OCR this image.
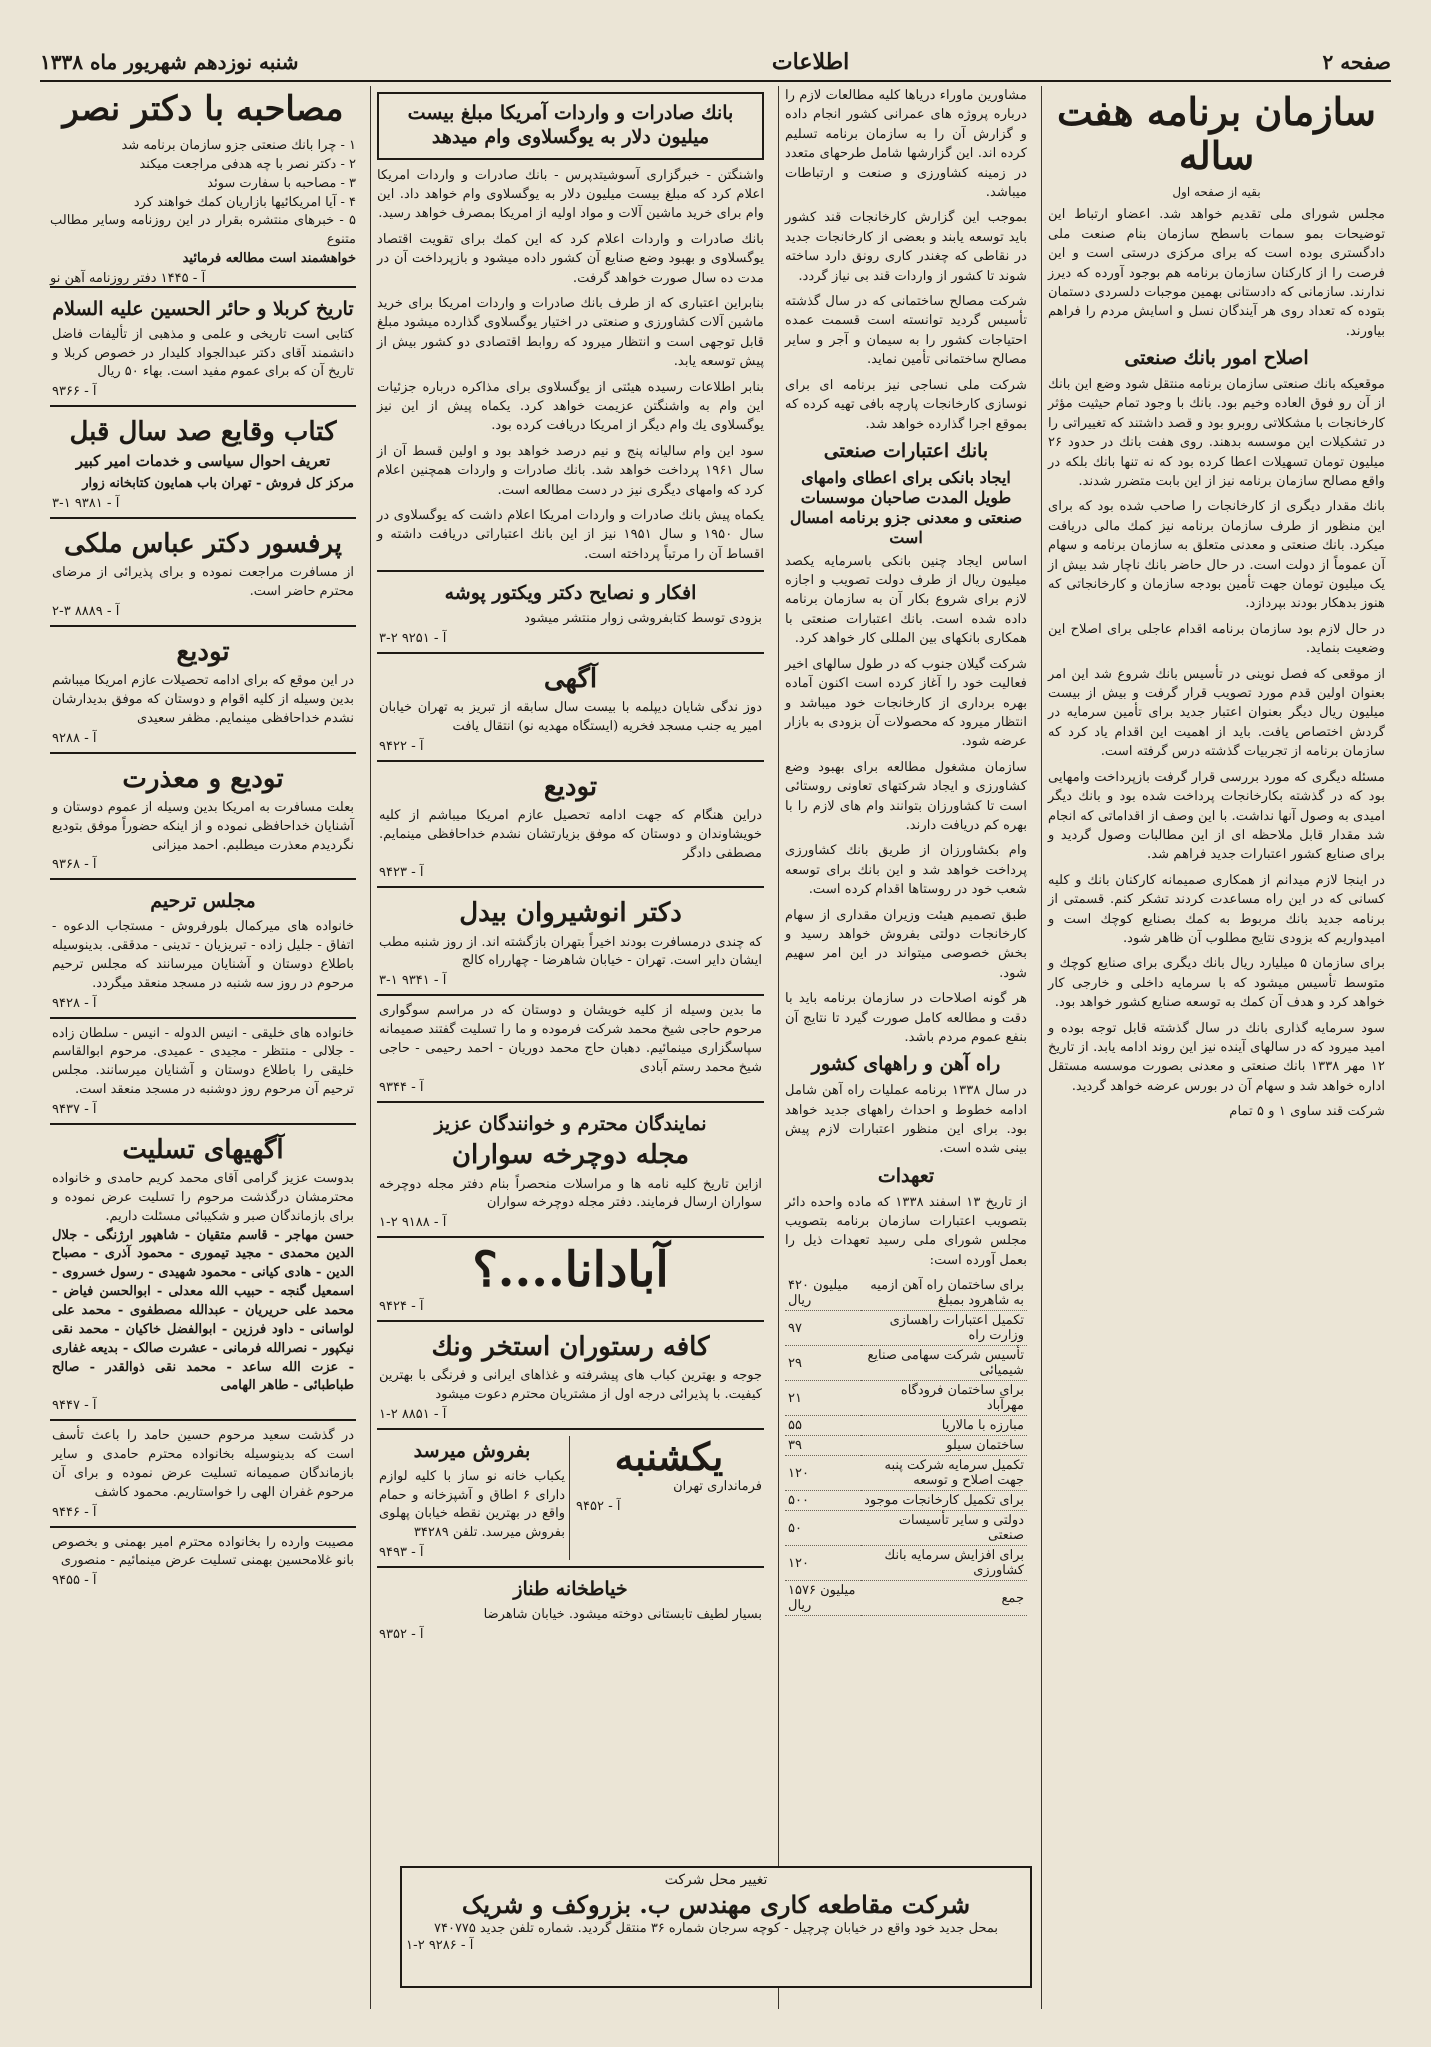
صفحه ۲
اطلاعات
شنبه نوزدهم شهریور ماه ۱۳۳۸
سازمان برنامه هفت ساله
بقیه از صفحه اول

مجلس شورای ملی تقدیم خواهد شد. اعضاو ارتباط این توضیحات بمو سمات باسطح سازمان بنام صنعت ملی دادگستری بوده است که برای مرکزی درستی است و این فرصت را از کارکنان سازمان برنامه هم بوجود آورده که دیرز ندارند. سازمانی که دادستانی بهمین موجبات دلسردی دستمان بتوده که تعداد روی هر آیندگان نسل و اسایش مردم را فراهم بیاورند.

اصلاح امور بانك صنعتی

موقعیکه بانك صنعتی سازمان برنامه منتقل شود وضع این بانك از آن رو فوق العاده وخیم بود. بانك با وجود تمام حیثیت مؤثر کارخانجات با مشکلاتی روبرو بود و قصد داشتند که تغییراتی را در تشکیلات این موسسه بدهند. روی هفت بانك در حدود ۲۶ میلیون تومان تسهیلات اعطا کرده بود که نه تنها بانك بلکه در واقع مصالح سازمان برنامه نیز از این بابت متضرر شدند.

بانك مقدار دیگری از کارخانجات را صاحب شده بود که برای این منظور از طرف سازمان برنامه نیز کمك مالی دریافت میکرد. بانك صنعتی و معدنی متعلق به سازمان برنامه و سهام آن عموماً از دولت است. در حال حاضر بانك ناچار شد بیش از یک میلیون تومان جهت تأمین بودجه سازمان و کارخانجاتی که هنوز بدهکار بودند بپردازد.

در حال لازم بود سازمان برنامه اقدام عاجلی برای اصلاح این وضعیت بنماید.

از موقعی که فصل نوینی در تأسیس بانك شروع شد این امر بعنوان اولین قدم مورد تصویب قرار گرفت و بیش از بیست میلیون ریال دیگر بعنوان اعتبار جدید برای تأمین سرمایه در گردش اختصاص یافت. باید از اهمیت این اقدام یاد کرد که سازمان برنامه از تجربیات گذشته درس گرفته است.

مسئله دیگری که مورد بررسی قرار گرفت بازپرداخت وامهایی بود که در گذشته بکارخانجات پرداخت شده بود و بانك دیگر امیدی به وصول آنها نداشت. با این وصف از اقداماتی که انجام شد مقدار قابل ملاحظه ای از این مطالبات وصول گردید و برای صنایع کشور اعتبارات جدید فراهم شد.

در اینجا لازم میدانم از همکاری صمیمانه کارکنان بانك و کلیه کسانی که در این راه مساعدت کردند تشکر کنم. قسمتی از برنامه جدید بانك مربوط به کمك بصنایع کوچك است و امیدواریم که بزودی نتایج مطلوب آن ظاهر شود.

برای سازمان ۵ میلیارد ریال بانك دیگری برای صنایع کوچك و متوسط تأسیس میشود که با سرمایه داخلی و خارجی کار خواهد کرد و هدف آن کمك به توسعه صنایع کشور خواهد بود.

سود سرمایه گذاری بانك در سال گذشته قابل توجه بوده و امید میرود که در سالهای آینده نیز این روند ادامه یابد. از تاریخ ۱۲ مهر ۱۳۳۸ بانك صنعتی و معدنی بصورت موسسه مستقل اداره خواهد شد و سهام آن در بورس عرضه خواهد گردید.

شرکت قند ساوی ۱ و ۵ تمام

مشاورین ماوراء دریاها کلیه مطالعات لازم را درباره پروژه های عمرانی کشور انجام داده و گزارش آن را به سازمان برنامه تسلیم کرده اند. این گزارشها شامل طرحهای متعدد در زمینه کشاورزی و صنعت و ارتباطات میباشد.

بموجب این گزارش کارخانجات قند کشور باید توسعه یابند و بعضی از کارخانجات جدید در نقاطی که چغندر کاری رونق دارد ساخته شوند تا کشور از واردات قند بی نیاز گردد.

شرکت مصالح ساختمانی که در سال گذشته تأسیس گردید توانسته است قسمت عمده احتیاجات کشور را به سیمان و آجر و سایر مصالح ساختمانی تأمین نماید.

شرکت ملی نساجی نیز برنامه ای برای نوسازی کارخانجات پارچه بافی تهیه کرده که بموقع اجرا گذارده خواهد شد.

بانك اعتبارات صنعتی
ایجاد بانکی برای اعطای وامهای طویل المدت صاحبان موسسات صنعتی و معدنی جزو برنامه امسال است

اساس ایجاد چنین بانکی باسرمایه یکصد میلیون ریال از طرف دولت تصویب و اجازه لازم برای شروع بکار آن به سازمان برنامه داده شده است. بانك اعتبارات صنعتی با همکاری بانكهای بین المللی کار خواهد کرد.

شرکت گیلان جنوب که در طول سالهای اخیر فعالیت خود را آغاز کرده است اکنون آماده بهره برداری از کارخانجات خود میباشد و انتظار میرود که محصولات آن بزودی به بازار عرضه شود.

سازمان مشغول مطالعه برای بهبود وضع کشاورزی و ایجاد شرکتهای تعاونی روستائی است تا کشاورزان بتوانند وام های لازم را با بهره کم دریافت دارند.

وام بکشاورزان از طریق بانك کشاورزی پرداخت خواهد شد و این بانك برای توسعه شعب خود در روستاها اقدام کرده است.

طبق تصمیم هیئت وزیران مقداری از سهام کارخانجات دولتی بفروش خواهد رسید و بخش خصوصی میتواند در این امر سهیم شود.

هر گونه اصلاحات در سازمان برنامه باید با دقت و مطالعه کامل صورت گیرد تا نتایج آن بنفع عموم مردم باشد.

راه آهن و راههای کشور

در سال ۱۳۳۸ برنامه عملیات راه آهن شامل ادامه خطوط و احداث راههای جدید خواهد بود. برای این منظور اعتبارات لازم پیش بینی شده است.

تعهدات

از تاریخ ۱۳ اسفند ۱۳۳۸ که ماده واحده دائر بتصویب اعتبارات سازمان برنامه بتصویب مجلس شورای ملی رسید تعهدات ذیل را بعمل آورده است:

برای ساختمان راه آهن ازمیه به شاهرود بمبلغ	۴۲۰ میلیون ریال
تکمیل اعتبارات راهسازی وزارت راه	۹۷
تأسیس شرکت سهامی صنایع شیمیائی	۲۹
برای ساختمان فرودگاه مهرآباد	۲۱
مبارزه با مالاریا	۵۵
ساختمان سیلو	۳۹
تکمیل سرمایه شرکت پنبه جهت اصلاح و توسعه	۱۲۰
برای تکمیل کارخانجات موجود	۵۰۰
دولتی و سایر تأسیسات صنعتی	۵۰
برای افزایش سرمایه بانك کشاورزی	۱۲۰
جمع	۱۵۷۶ میلیون ریال
بانك صادرات و واردات آمریکا مبلغ بیست میلیون دلار به یوگسلاوی وام میدهد

واشنگتن - خبرگزاری آسوشیتدپرس - بانك صادرات و واردات امریکا اعلام کرد که مبلغ بیست میلیون دلار به یوگسلاوی وام خواهد داد. این وام برای خرید ماشین آلات و مواد اولیه از امریکا بمصرف خواهد رسید.

بانك صادرات و واردات اعلام کرد که این کمك برای تقویت اقتصاد یوگسلاوی و بهبود وضع صنایع آن کشور داده میشود و بازپرداخت آن در مدت ده سال صورت خواهد گرفت.

بنابراین اعتباری که از طرف بانك صادرات و واردات امریکا برای خرید ماشین آلات کشاورزی و صنعتی در اختیار یوگسلاوی گذارده میشود مبلغ قابل توجهی است و انتظار میرود که روابط اقتصادی دو کشور بیش از پیش توسعه یابد.

بنابر اطلاعات رسیده هیئتی از یوگسلاوی برای مذاکره درباره جزئیات این وام به واشنگتن عزیمت خواهد کرد. یکماه پیش از این نیز یوگسلاوی یك وام دیگر از امریکا دریافت کرده بود.

سود این وام سالیانه پنج و نیم درصد خواهد بود و اولین قسط آن از سال ۱۹۶۱ پرداخت خواهد شد. بانك صادرات و واردات همچنین اعلام کرد که وامهای دیگری نیز در دست مطالعه است.

یکماه پیش بانك صادرات و واردات امریکا اعلام داشت که یوگسلاوی در سال ۱۹۵۰ و سال ۱۹۵۱ نیز از این بانك اعتباراتی دریافت داشته و اقساط آن را مرتباً پرداخته است.

افکار و نصایح دکتر ویکتور پوشه
بزودی توسط کتابفروشی زوار منتشر میشود
آ - ۹۲۵۱ ۲-۳
آگهی
دوز ندگی شایان دیپلمه با بیست سال سابقه از تبریز به تهران خیابان امیر یه جنب مسجد فخریه (ایستگاه مهدیه نو) انتقال یافت
آ - ۹۴۲۲
تودیع
دراین هنگام که جهت ادامه تحصیل عازم امریکا میباشم از کلیه خویشاوندان و دوستان که موفق بزیارتشان نشدم خداحافظی مینمایم. مصطفی دادگر
آ - ۹۴۲۳
دکتر انوشیروان بیدل
که چندی درمسافرت بودند اخیراً بتهران بازگشته اند. از روز شنبه مطب ایشان دایر است. تهران - خیابان شاهرضا - چهارراه کالج
آ - ۹۳۴۱ ۱-۳
ما بدین وسیله از کلیه خویشان و دوستان که در مراسم سوگواری مرحوم حاجی شیخ محمد شرکت فرموده و ما را تسلیت گفتند صمیمانه سپاسگزاری مینمائیم. دهبان حاج محمد دوریان - احمد رحیمی - حاجی شیخ محمد رستم آبادی
آ - ۹۳۴۴
نمایندگان محترم و خوانندگان عزیز
مجله دوچرخه سواران
ازاین تاریخ کلیه نامه ها و مراسلات منحصراً بنام دفتر مجله دوچرخه سواران ارسال فرمایند. دفتر مجله دوچرخه سواران
آ - ۹۱۸۸ ۲-۱
آبادانا....؟
آ - ۹۴۲۴
کافه رستوران استخر ونك
جوجه و بهترین کباب های پیشرفته و غذاهای ایرانی و فرنگی با بهترین کیفیت. با پذیرائی درجه اول از مشتریان محترم دعوت میشود
آ - ۸۸۵۱ ۲-۱
یکشنبه
فرمانداری تهران
آ - ۹۴۵۲
بفروش میرسد
یکباب خانه نو ساز با کلیه لوازم دارای ۶ اطاق و آشپزخانه و حمام واقع در بهترین نقطه خیابان پهلوی بفروش میرسد. تلفن ۳۴۲۸۹
آ - ۹۴۹۳
خیاطخانه طناز
بسیار لطیف تابستانی دوخته میشود. خیابان شاهرضا
آ - ۹۳۵۲
مصاحبه با دکتر نصر
۱ - چرا بانك صنعتی جزو سازمان برنامه شد
۲ - دکتر نصر با چه هدفی مراجعت میکند
۳ - مصاحبه با سفارت سوئد
۴ - آیا امریکائیها بازاریان کمك خواهند کرد
۵ - خبرهای منتشره بقرار در این روزنامه وسایر مطالب متنوع
خواهشمند است مطالعه فرمائید
آ - ۱۴۴۵ دفتر روزنامه آهن نو
تاریخ کربلا و حائر الحسین علیه السلام
کتابی است تاریخی و علمی و مذهبی از تألیفات فاضل دانشمند آقای دکتر عبدالجواد کلیدار در خصوص کربلا و تاریخ آن که برای عموم مفید است. بهاء ۵۰ ریال
آ - ۹۳۶۶
کتاب وقایع صد سال قبل
تعریف احوال سیاسی و خدمات امیر کبیر
مرکز کل فروش - تهران باب همایون کتابخانه زوار
آ - ۹۳۸۱ ۱-۳
پرفسور دکتر عباس ملکی
از مسافرت مراجعت نموده و برای پذیرائی از مرضای محترم حاضر است.
آ - ۸۸۸۹ ۳-۲
تودیع
در این موقع که برای ادامه تحصیلات عازم امریکا میباشم بدین وسیله از کلیه اقوام و دوستان که موفق بدیدارشان نشدم خداحافظی مینمایم. مظفر سعیدی
آ - ۹۲۸۸
تودیع و معذرت
بعلت مسافرت به امریکا بدین وسیله از عموم دوستان و آشنایان خداحافظی نموده و از اینکه حضوراً موفق بتودیع نگردیدم معذرت میطلبم. احمد میزانی
آ - ۹۳۶۸
مجلس ترحیم
خانواده های میرکمال بلورفروش - مستجاب الدعوه - اتفاق - جلیل زاده - تبریزیان - تدینی - مدققی. بدینوسیله باطلاع دوستان و آشنایان میرسانند که مجلس ترحیم مرحوم در روز سه شنبه در مسجد منعقد میگردد.
آ - ۹۴۲۸
خانواده های خلیقی - انیس الدوله - انیس - سلطان زاده - جلالی - منتظر - مجیدی - عمیدی. مرحوم ابوالقاسم خلیقی را باطلاع دوستان و آشنایان میرسانند. مجلس ترحیم آن مرحوم روز دوشنبه در مسجد منعقد است.
آ - ۹۴۳۷
آگهیهای تسلیت
بدوست عزیز گرامی آقای محمد کریم حامدی و خانواده محترمشان درگذشت مرحوم را تسلیت عرض نموده و برای بازماندگان صبر و شکیبائی مسئلت داریم.
حسن مهاجر - قاسم متقیان - شاهپور ارژنگی - جلال الدین محمدی - مجید تیموری - محمود آذری - مصباح الدین - هادی کیانی - محمود شهیدی - رسول خسروی - اسمعیل گنجه - حبیب الله معدلی - ابوالحسن فیاض - محمد علی حریریان - عبدالله مصطفوی - محمد علی لواسانی - داود فرزین - ابوالفضل خاکیان - محمد نقی نیکپور - نصرالله فرمانی - عشرت صالک - بدیعه غفاری - عزت الله ساعد - محمد نقی ذوالقدر - صالح طباطبائی - طاهر الهامی
آ - ۹۴۴۷
در گذشت سعید مرحوم حسین حامد را باعث تأسف است که بدینوسیله بخانواده محترم حامدی و سایر بازماندگان صمیمانه تسلیت عرض نموده و برای آن مرحوم غفران الهی را خواستاریم. محمود کاشف
آ - ۹۴۴۶
مصیبت وارده را بخانواده محترم امیر بهمنی و بخصوص بانو غلامحسین بهمنی تسلیت عرض مینمائیم - منصوری
آ - ۹۴۵۵
تغییر محل شرکت
شرکت مقاطعه کاری مهندس ب. بزروکف و شریک
بمحل جدید خود واقع در خیابان چرچیل - کوچه سرجان شماره ۳۶ منتقل گردید. شماره تلفن جدید ۷۴۰۷۷۵
آ - ۹۲۸۶ ۲-۱
